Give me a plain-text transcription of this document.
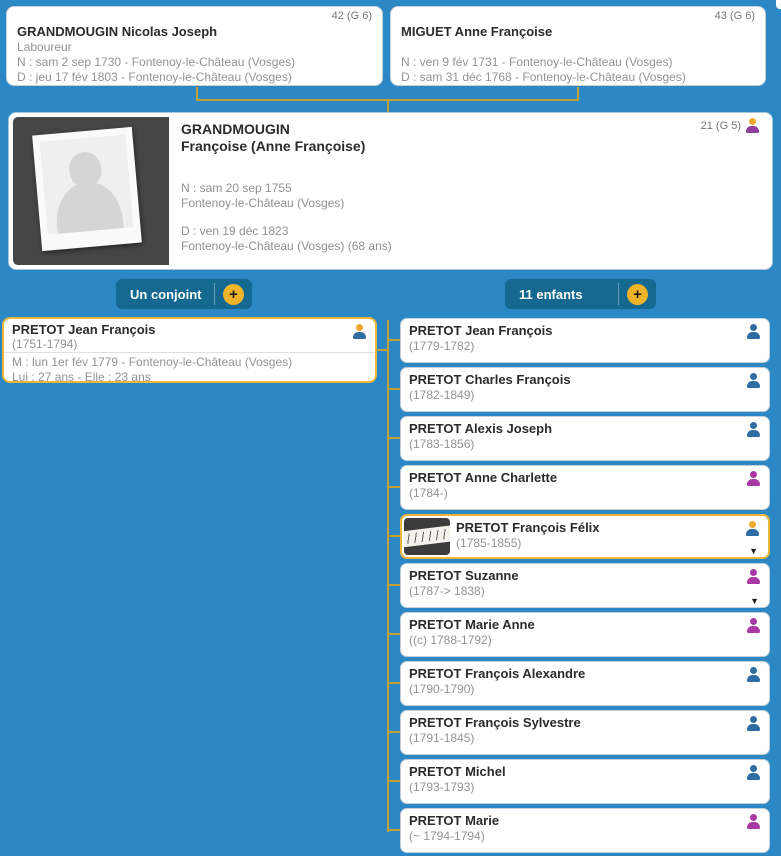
42 (G 6)
GRANDMOUGIN Nicolas Joseph
Laboureur
N : sam 2 sep 1730 - Fontenoy-le-Château (Vosges)
D : jeu 17 fév 1803 - Fontenoy-le-Château (Vosges)
43 (G 6)
MIGUET Anne Françoise
N : ven 9 fév 1731 - Fontenoy-le-Château (Vosges)
D : sam 31 déc 1768 - Fontenoy-le-Château (Vosges)
21 (G 5)
GRANDMOUGIN
Françoise (Anne Françoise)
N : sam 20 sep 1755
Fontenoy-le-Château (Vosges)
D : ven 19 déc 1823
Fontenoy-le-Château (Vosges) (68 ans)
Un conjoint	+	11 enfants	+
PRETOT Jean François
(1751-1794)
M : lun 1er fév 1779 - Fontenoy-le-Château (Vosges)
Lui : 27 ans - Elle : 23 ans
PRETOT Jean François
(1779-1782)
PRETOT Charles François
(1782-1849)
PRETOT Alexis Joseph
(1783-1856)
PRETOT Anne Charlette
(1784-)
PRETOT François Félix
(1785-1855)
▼
PRETOT Suzanne
(1787-> 1838)
▼
PRETOT Marie Anne
((c) 1788-1792)
PRETOT François Alexandre
(1790-1790)
PRETOT François Sylvestre
(1791-1845)
PRETOT Michel
(1793-1793)
PRETOT Marie
(~ 1794-1794)
